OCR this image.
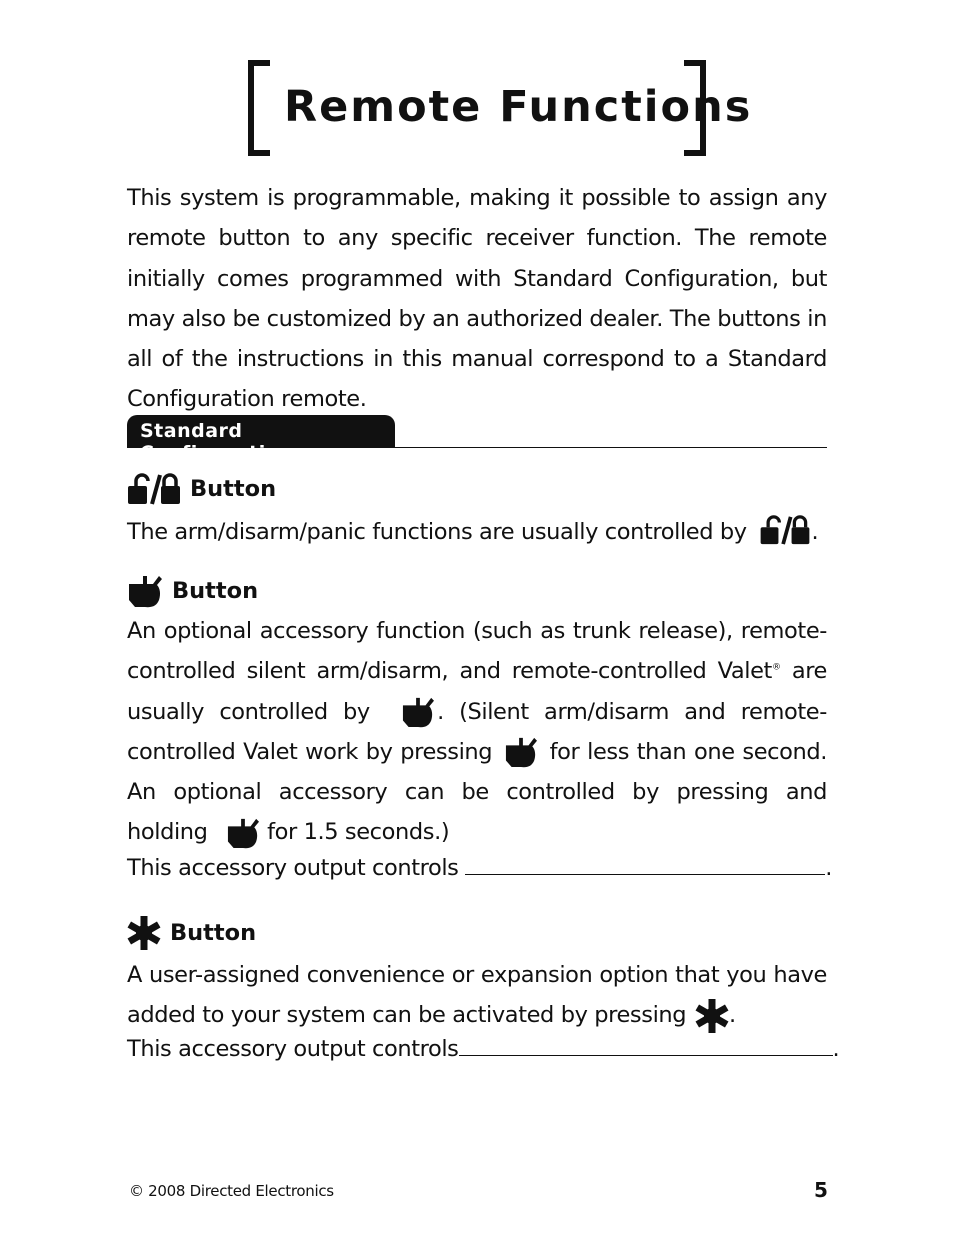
Remote Functions
This system is programmable, making it possible to assign any remote button to any specific receiver function. The remote initially comes programmed with Standard Configuration, but may also be customized by an authorized dealer. The buttons in all of the instructions in this manual correspond to a Standard Configuration remote.
Standard Configuration
Button
The arm/disarm/panic functions are usually controlled by	.
Button
An optional accessory function (such as trunk release), remote-controlled silent arm/disarm, and remote-controlled Valet® are usually controlled by	. (Silent arm/disarm and remote-controlled Valet work by pressing	for less than one second. An optional accessory can be controlled by pressing and holding	for 1.5 seconds.)
This accessory output controls	.
Button
A user-assigned convenience or expansion option that you have added to your system can be activated by pressing .
This accessory output controls	.
© 2008 Directed Electronics	5
